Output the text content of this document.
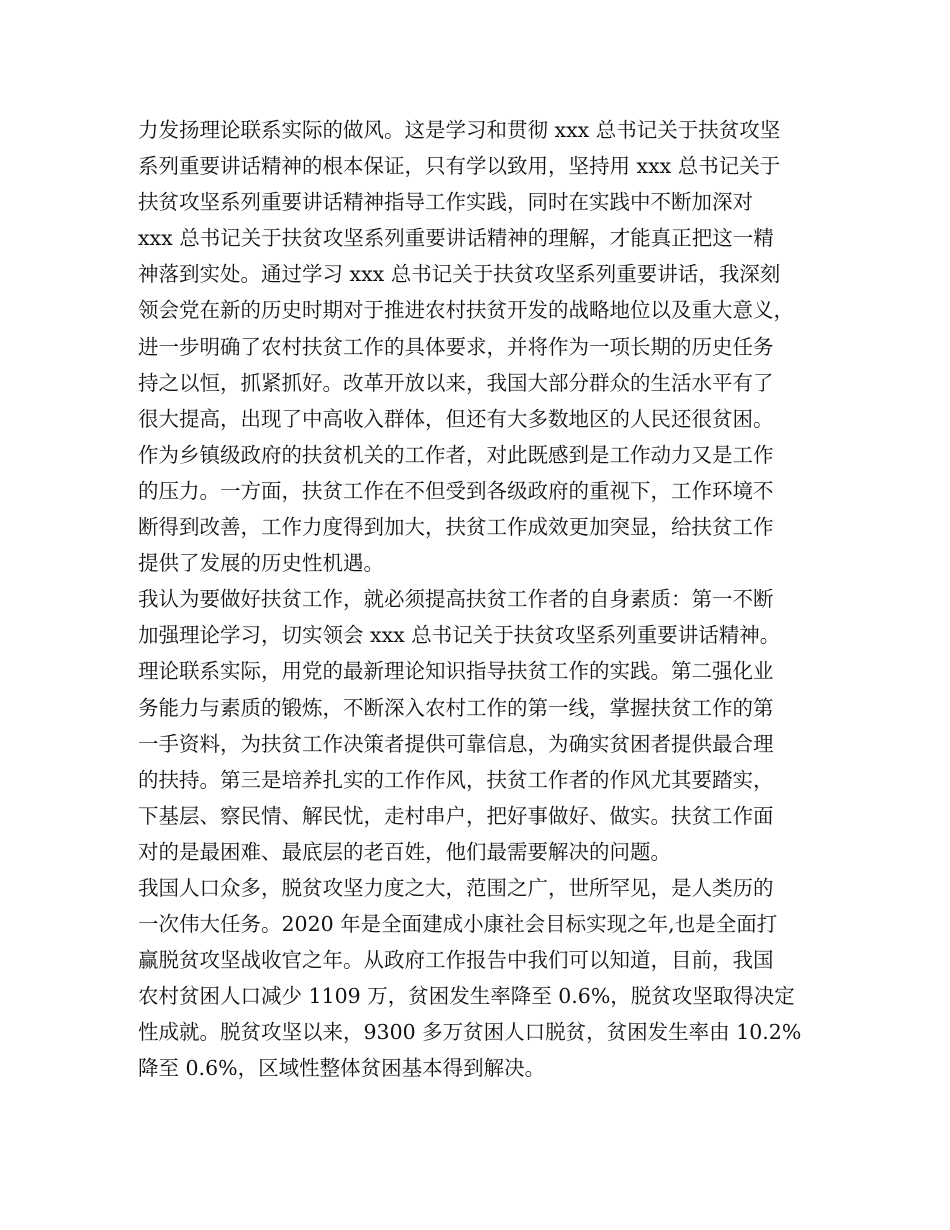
力发扬理论联系实际的做风。这是学习和贯彻 xxx 总书记关于扶贫攻坚
系列重要讲话精神的根本保证，只有学以致用，坚持用 xxx 总书记关于
扶贫攻坚系列重要讲话精神指导工作实践，同时在实践中不断加深对
xxx 总书记关于扶贫攻坚系列重要讲话精神的理解，才能真正把这一精
神落到实处。通过学习 xxx 总书记关于扶贫攻坚系列重要讲话，我深刻
领会党在新的历史时期对于推进农村扶贫开发的战略地位以及重大意义，
进一步明确了农村扶贫工作的具体要求，并将作为一项长期的历史任务
持之以恒，抓紧抓好。改革开放以来，我国大部分群众的生活水平有了
很大提高，出现了中高收入群体，但还有大多数地区的人民还很贫困。
作为乡镇级政府的扶贫机关的工作者，对此既感到是工作动力又是工作
的压力。一方面，扶贫工作在不但受到各级政府的重视下，工作环境不
断得到改善，工作力度得到加大，扶贫工作成效更加突显，给扶贫工作
提供了发展的历史性机遇。
我认为要做好扶贫工作，就必须提高扶贫工作者的自身素质：第一不断
加强理论学习，切实领会 xxx 总书记关于扶贫攻坚系列重要讲话精神。
理论联系实际，用党的最新理论知识指导扶贫工作的实践。第二强化业
务能力与素质的锻炼，不断深入农村工作的第一线，掌握扶贫工作的第
一手资料，为扶贫工作决策者提供可靠信息，为确实贫困者提供最合理
的扶持。第三是培养扎实的工作作风，扶贫工作者的作风尤其要踏实，
下基层、察民情、解民忧，走村串户，把好事做好、做实。扶贫工作面
对的是最困难、最底层的老百姓，他们最需要解决的问题。
我国人口众多，脱贫攻坚力度之大，范围之广，世所罕见，是人类历的
一次伟大任务。2020 年是全面建成小康社会目标实现之年,也是全面打
赢脱贫攻坚战收官之年。从政府工作报告中我们可以知道，目前，我国
农村贫困人口减少 1109 万，贫困发生率降至 0.6%，脱贫攻坚取得决定
性成就。脱贫攻坚以来，9300 多万贫困人口脱贫，贫困发生率由 10.2%
降至 0.6%，区域性整体贫困基本得到解决。
